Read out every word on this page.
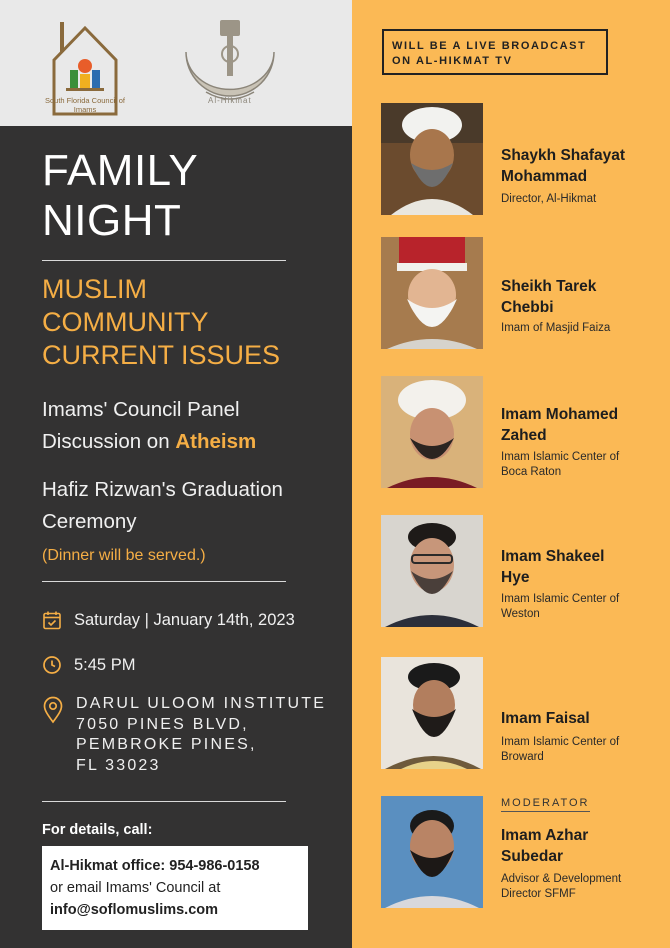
South Florida Council of Imams
Al-Hikmat
FAMILY
NIGHT
MUSLIM
COMMUNITY
CURRENT ISSUES
Imams' Council Panel
Discussion on Atheism
Hafiz Rizwan's Graduation
Ceremony
(Dinner will be served.)
Saturday | January 14th, 2023
5:45 PM
DARUL ULOOM INSTITUTE
7050 PINES BLVD,
PEMBROKE PINES,
FL 33023
For details, call:
Al-Hikmat office: 954-986-0158
or email Imams' Council at
info@soflomuslims.com
WILL BE A LIVE BROADCAST
ON AL-HIKMAT TV
Shaykh Shafayat
Mohammad
Director, Al-Hikmat
Sheikh Tarek
Chebbi
Imam of Masjid Faiza
Imam Mohamed
Zahed
Imam Islamic Center of
Boca Raton
Imam Shakeel
Hye
Imam Islamic Center of
Weston
Imam Faisal
Imam Islamic Center of
Broward
MODERATOR
Imam Azhar
Subedar
Advisor & Development
Director SFMF
